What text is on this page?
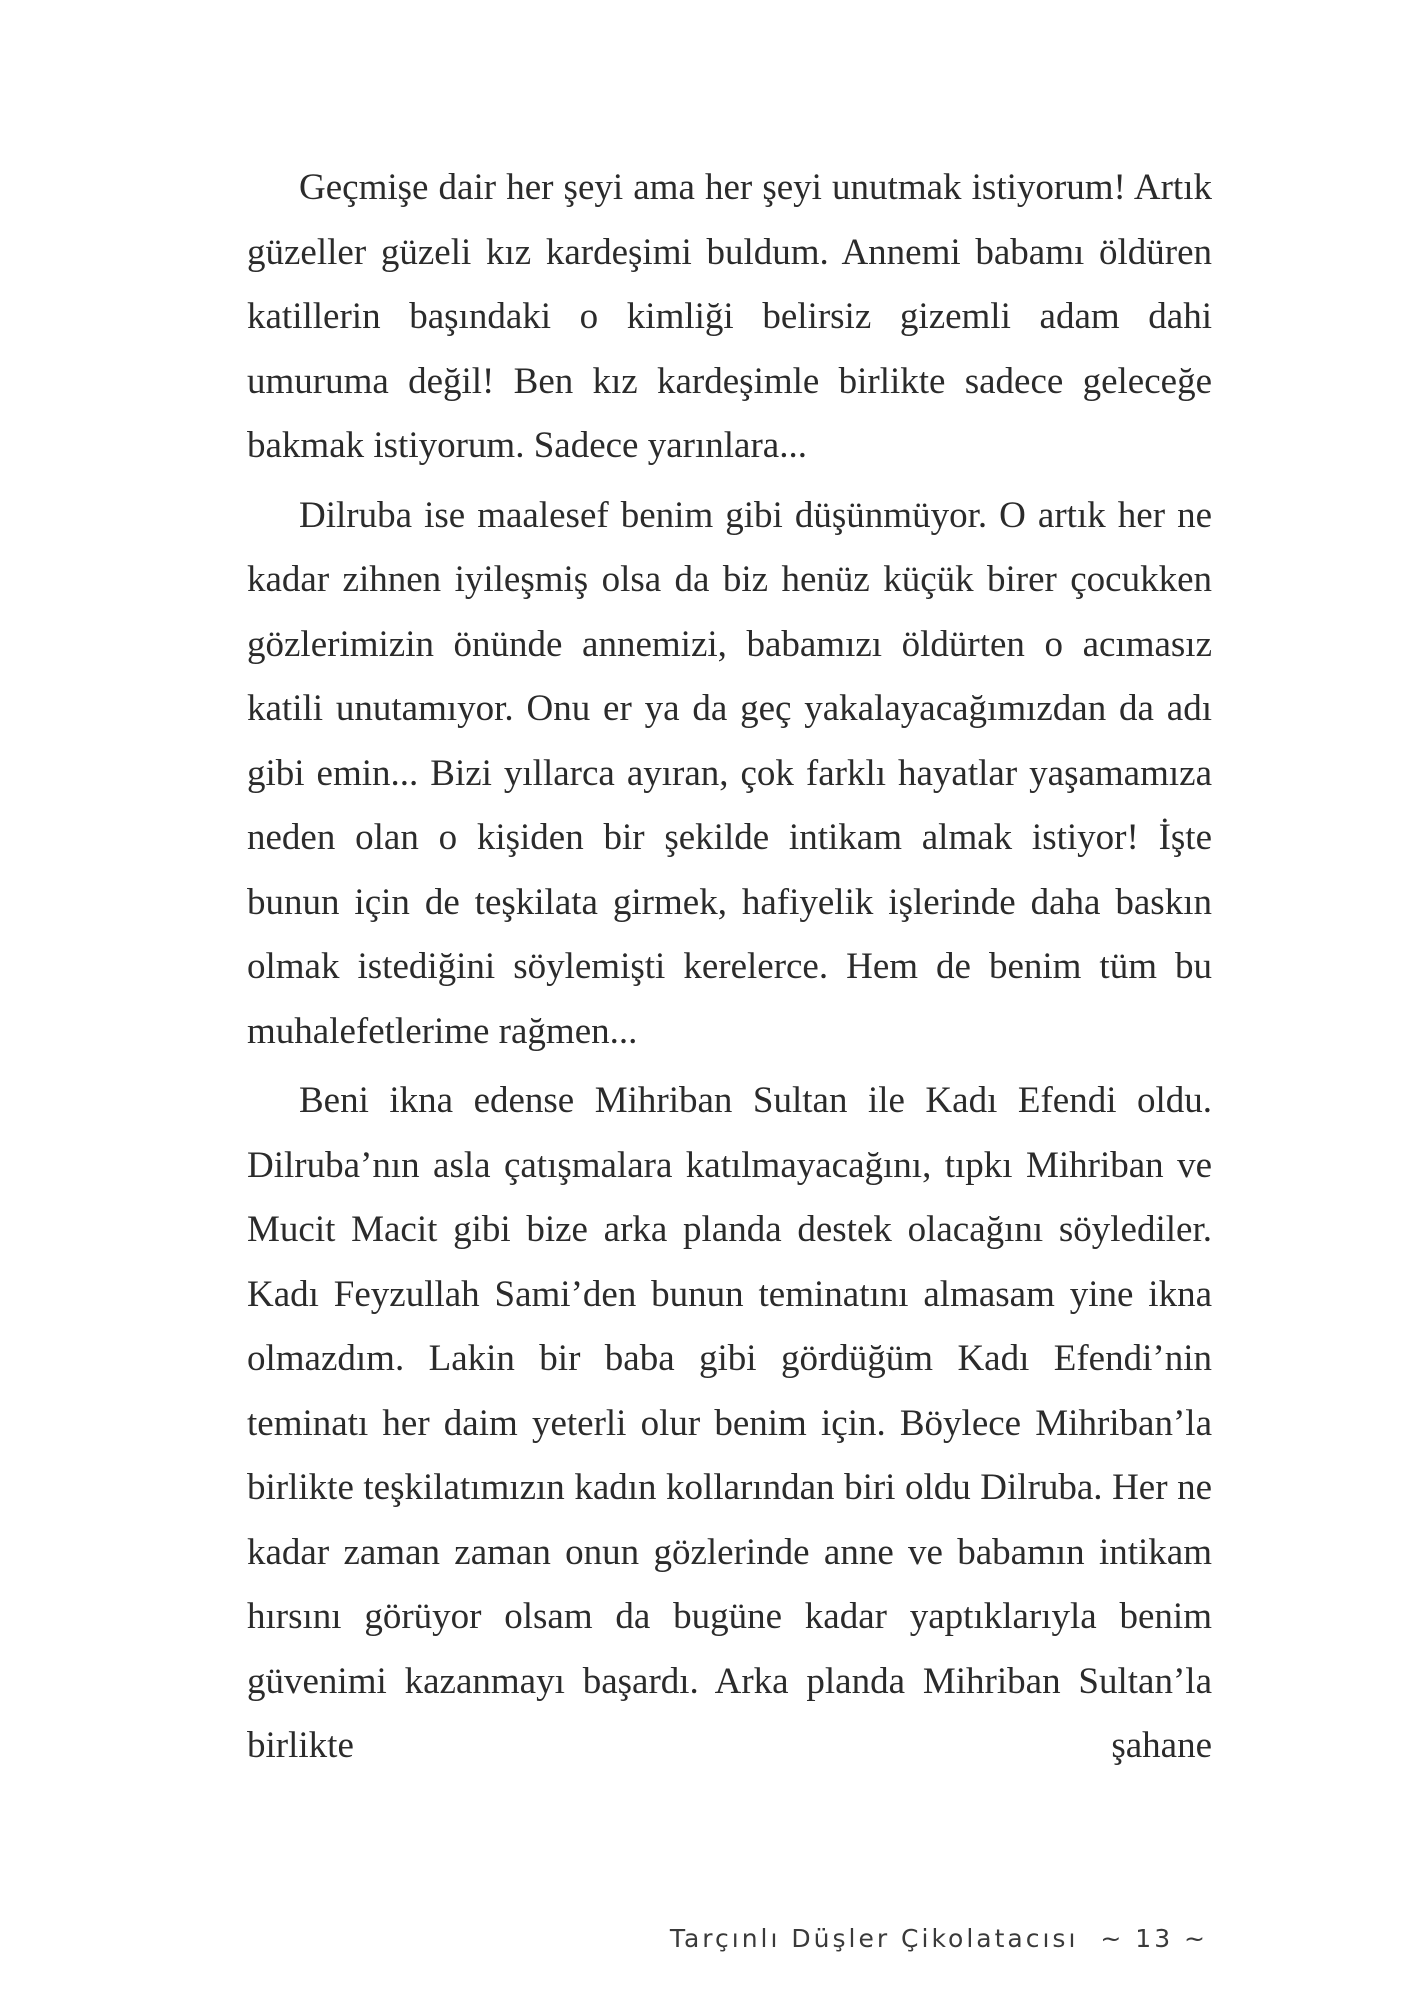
Geçmişe dair her şeyi ama her şeyi unutmak istiyorum! Artık güzeller güzeli kız kardeşimi buldum. Annemi babamı öldüren katillerin başındaki o kimliği belirsiz gizemli adam dahi umuruma değil! Ben kız kardeşimle birlikte sadece geleceğe bakmak istiyorum. Sadece yarınlara...

Dilruba ise maalesef benim gibi düşünmüyor. O artık her ne kadar zihnen iyileşmiş olsa da biz henüz küçük birer çocukken gözlerimizin önünde annemizi, babamızı öldürten o acımasız katili unutamıyor. Onu er ya da geç yakalayacağımızdan da adı gibi emin... Bizi yıllarca ayıran, çok farklı hayatlar yaşamamıza neden olan o kişiden bir şekilde intikam almak istiyor! İşte bunun için de teşkilata girmek, hafiyelik işlerinde daha baskın olmak istediğini söylemişti kerelerce. Hem de benim tüm bu muhalefetlerime rağmen...

Beni ikna edense Mihriban Sultan ile Kadı Efendi oldu. Dilruba’nın asla çatışmalara katılmayacağını, tıpkı Mihriban ve Mucit Macit gibi bize arka planda destek olacağını söylediler. Kadı Feyzullah Sami’den bunun teminatını almasam yine ikna olmazdım. Lakin bir baba gibi gördüğüm Kadı Efendi’nin teminatı her daim yeterli olur benim için. Böylece Mihriban’la birlikte teşkilatımızın kadın kollarından biri oldu Dilruba. Her ne kadar zaman zaman onun gözlerinde anne ve babamın intikam hırsını görüyor olsam da bugüne kadar yaptıklarıyla benim güvenimi kazanmayı başardı. Arka planda Mihriban Sultan’la birlikte şahane

Tarçınlı Düşler Çikolatacısı ~ 13 ~
